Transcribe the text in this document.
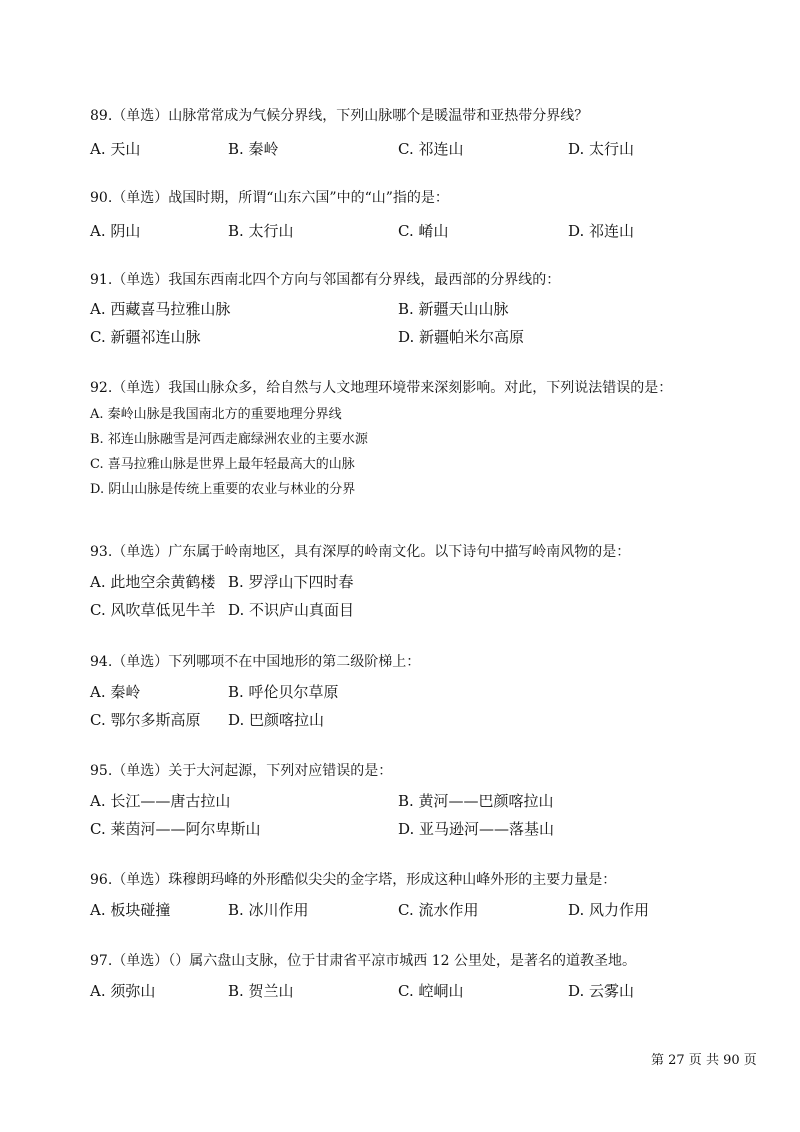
89.（单选）山脉常常成为气候分界线，下列山脉哪个是暖温带和亚热带分界线？
A. 天山	B. 秦岭	C. 祁连山	D. 太行山
90.（单选）战国时期，所谓“山东六国”中的“山”指的是：
A. 阴山	B. 太行山	C. 崤山	D. 祁连山
91.（单选）我国东西南北四个方向与邻国都有分界线，最西部的分界线的：
A. 西藏喜马拉雅山脉	B. 新疆天山山脉
C. 新疆祁连山脉	D. 新疆帕米尔高原
92.（单选）我国山脉众多，给自然与人文地理环境带来深刻影响。对此，下列说法错误的是：
A. 秦岭山脉是我国南北方的重要地理分界线
B. 祁连山脉融雪是河西走廊绿洲农业的主要水源
C. 喜马拉雅山脉是世界上最年轻最高大的山脉
D. 阴山山脉是传统上重要的农业与林业的分界
93.（单选）广东属于岭南地区，具有深厚的岭南文化。以下诗句中描写岭南风物的是：
A. 此地空余黄鹤楼 B. 罗浮山下四时春
C. 风吹草低见牛羊 D. 不识庐山真面目
94.（单选）下列哪项不在中国地形的第二级阶梯上：
A. 秦岭	B. 呼伦贝尔草原
C. 鄂尔多斯高原 D. 巴颜喀拉山
95.（单选）关于大河起源，下列对应错误的是：
A. 长江——唐古拉山	B. 黄河——巴颜喀拉山
C. 莱茵河——阿尔卑斯山	D. 亚马逊河——落基山
96.（单选）珠穆朗玛峰的外形酷似尖尖的金字塔，形成这种山峰外形的主要力量是：
A. 板块碰撞	B. 冰川作用	C. 流水作用	D. 风力作用
97.（单选）（）属六盘山支脉，位于甘肃省平凉市城西 12 公里处，是著名的道教圣地。
A. 须弥山	B. 贺兰山	C. 崆峒山	D. 云雾山
第 27 页 共 90 页
